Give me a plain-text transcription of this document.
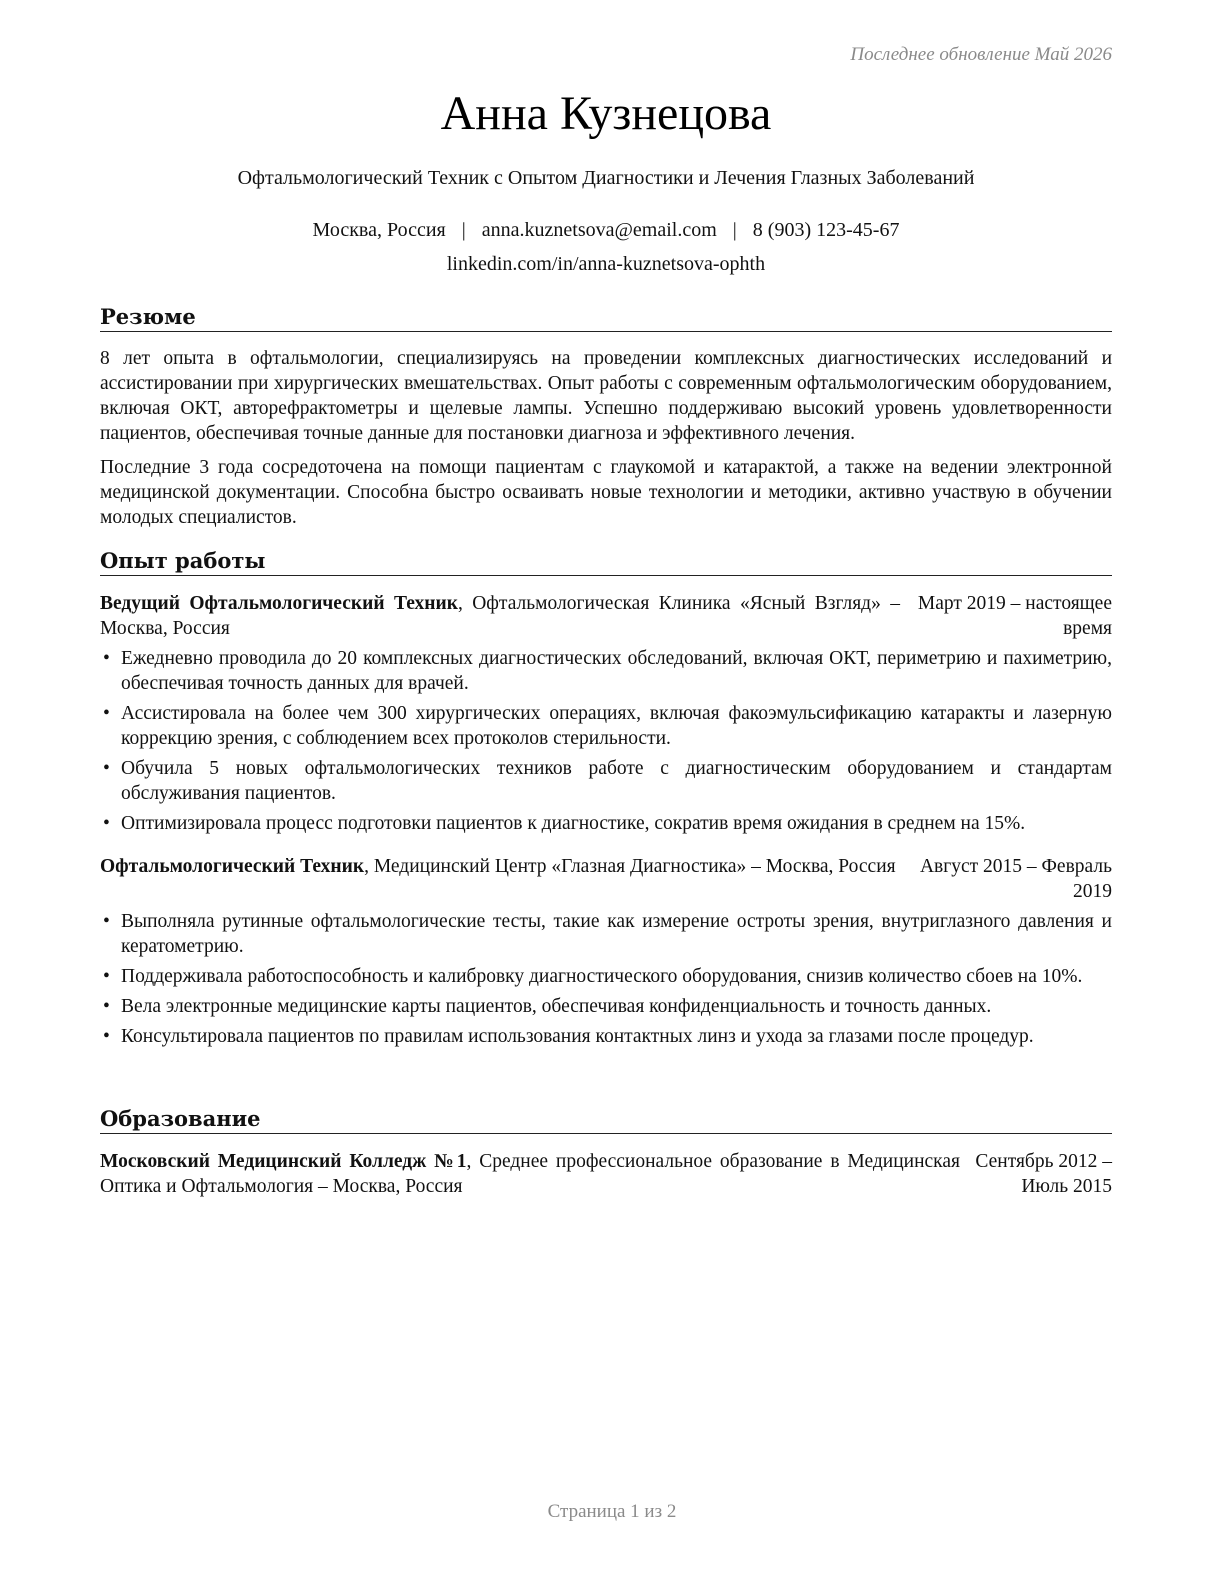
Последнее обновление Май 2026
Анна Кузнецова
Офтальмологический Техник с Опытом Диагностики и Лечения Глазных Заболеваний
Москва, Россия | anna.kuznetsova@email.com | 8 (903) 123-45-67
linkedin.com/in/anna-kuznetsova-ophth
Резюме

8 лет опыта в офтальмологии, специализируясь на проведении комплексных диагностических исследований и ассистировании при хирургических вмешательствах. Опыт работы с современным офтальмологическим оборудованием, включая ОКТ, авторефрактометры и щелевые лампы. Успешно поддерживаю высокий уровень удовлетворенности пациентов, обеспечивая точные данные для постановки диагноза и эффективного лечения.

Последние 3 года сосредоточена на помощи пациентам с глаукомой и катарактой, а также на ведении электронной медицинской документации. Способна быстро осваивать новые технологии и методики, активно участвую в обучении молодых специалистов.

Опыт работы
Ведущий Офтальмологический Техник, Офтальмологическая Клиника «Ясный Взгляд» – Москва, Россия
Март 2019 – настоящее время
• Ежедневно проводила до 20 комплексных диагностических обследований, включая ОКТ, периметрию и пахиметрию, обеспечивая точность данных для врачей.
• Ассистировала на более чем 300 хирургических операциях, включая факоэмульсификацию катаракты и лазерную коррекцию зрения, с соблюдением всех протоколов стерильности.
• Обучила 5 новых офтальмологических техников работе с диагностическим оборудованием и стандартам обслуживания пациентов.
• Оптимизировала процесс подготовки пациентов к диагностике, сократив время ожидания в среднем на 15%.
Офтальмологический Техник, Медицинский Центр «Глазная Диагностика» – Москва, Россия	Август 2015 – Февраль 2019
• Выполняла рутинные офтальмологические тесты, такие как измерение остроты зрения, внутриглазного давления и кератометрию.
• Поддерживала работоспособность и калибровку диагностического оборудования, снизив количество сбоев на 10%.
• Вела электронные медицинские карты пациентов, обеспечивая конфиденциальность и точность данных.
• Консультировала пациентов по правилам использования контактных линз и ухода за глазами после процедур.
Образование
Московский Медицинский Колледж №1, Среднее профессиональное образование в Медицинская Оптика и Офтальмология – Москва, Россия
Сентябрь 2012 – Июль 2015
Страница 1 из 2
